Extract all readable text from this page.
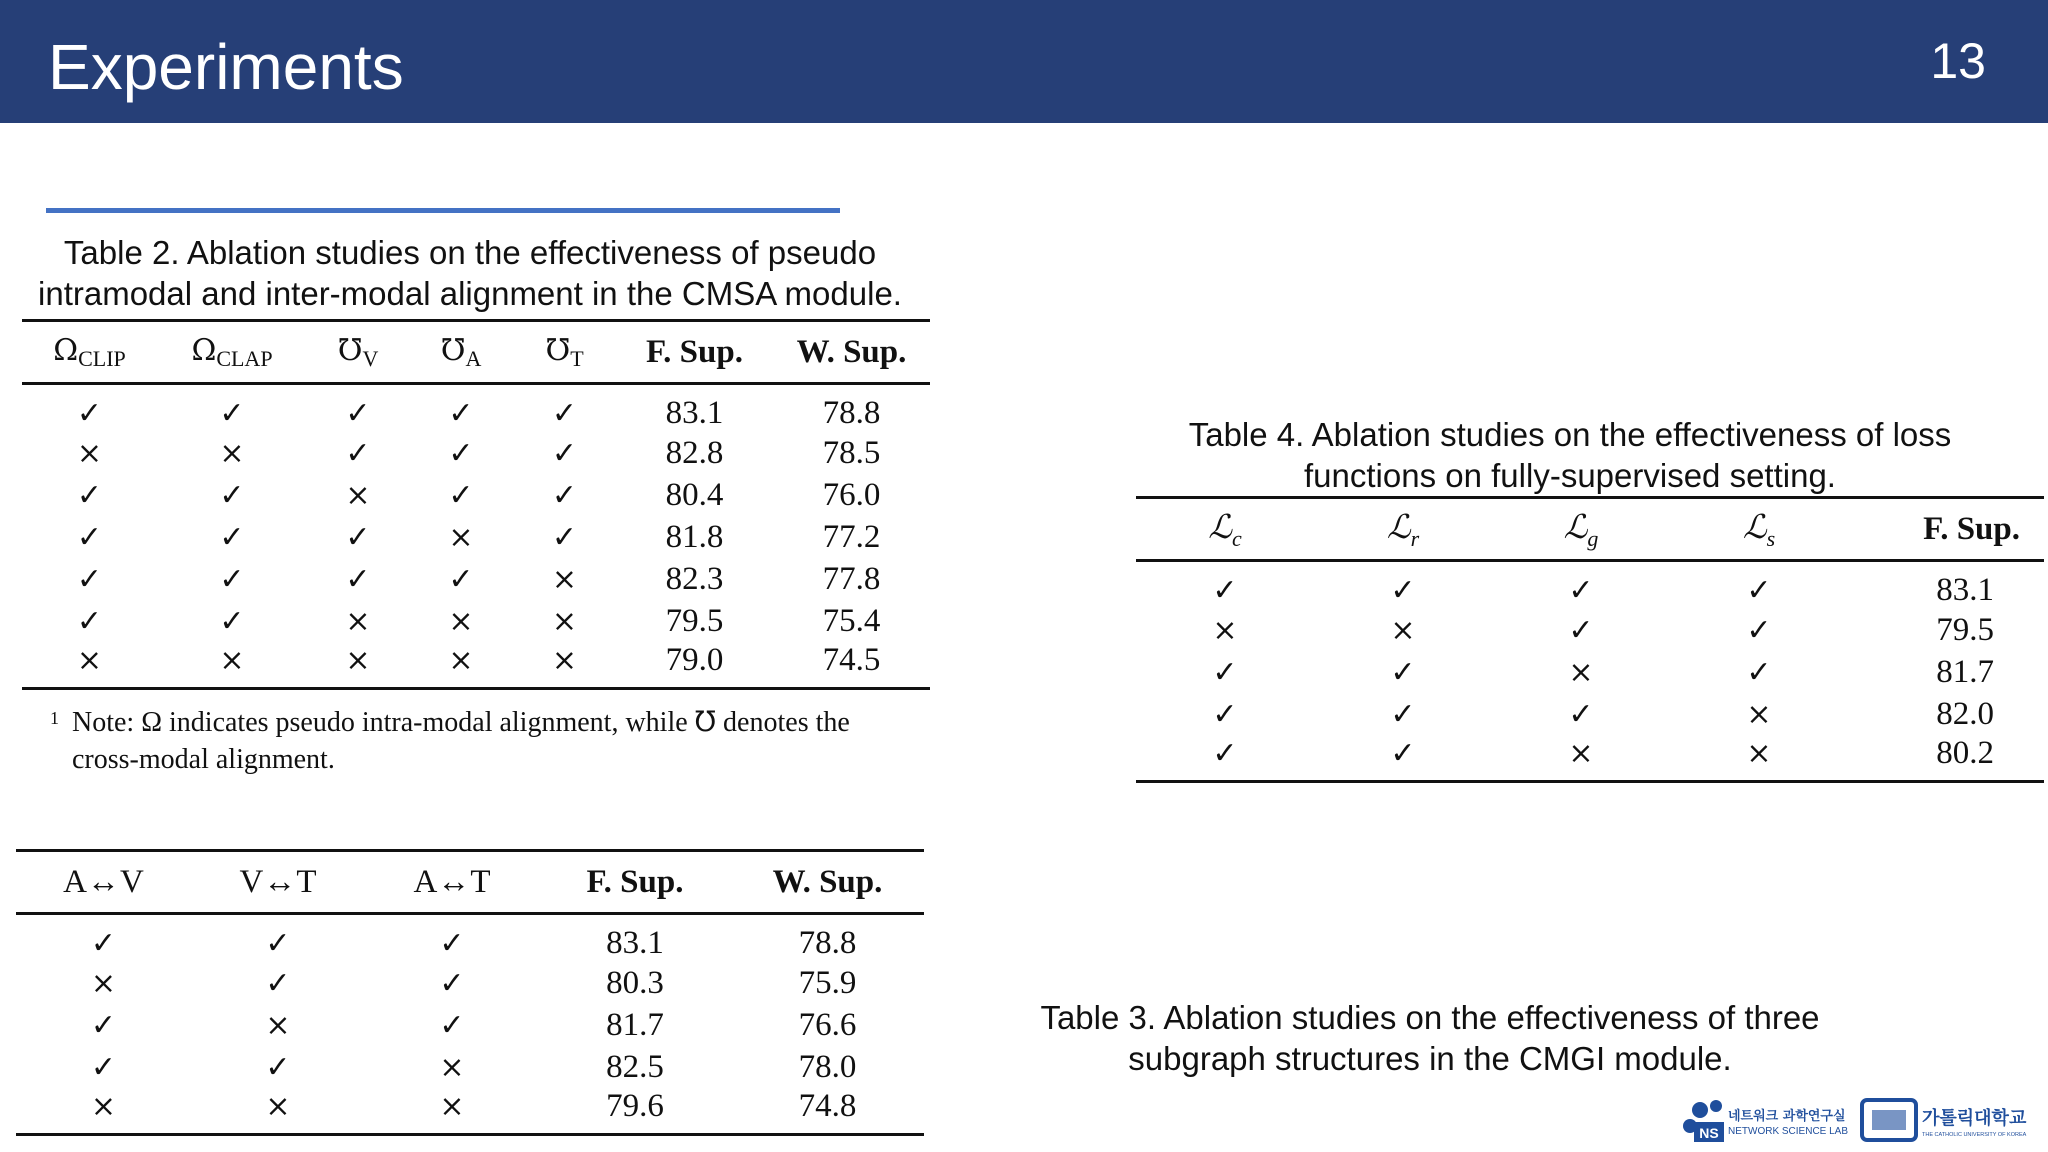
Experiments	13
Table 2. Ablation studies on the effectiveness of pseudo
intramodal and inter-modal alignment in the CMSA module.
$\Omega_{CLIP}$	$\Omega_{CLAP}$	$℧_V$	$℧_A$	$℧_T$	F. Sup.	W. Sup.
✓	✓	✓	✓	✓	83.1	78.8
×	×	✓	✓	✓	82.8	78.5
✓	✓	×	✓	✓	80.4	76.0
✓	✓	✓	×	✓	81.8	77.2
✓	✓	✓	✓	×	82.3	77.8
✓	✓	×	×	×	79.5	75.4
×	×	×	×	×	79.0	74.5
1 Note: Ω indicates pseudo intra-modal alignment, while ℧ denotes the
cross-modal alignment.
A↔V	V↔T	A↔T	F. Sup.	W. Sup.
✓	✓	✓	83.1	78.8
×	✓	✓	80.3	75.9
✓	×	✓	81.7	76.6
✓	✓	×	82.5	78.0
×	×	×	79.6	74.8
Table 4. Ablation studies on the effectiveness of loss
functions on fully-supervised setting.
ℒ$_c$	ℒ$_r$	ℒ$_g$	ℒ$_s$	F. Sup.
✓	✓	✓	✓	83.1
×	×	✓	✓	79.5
✓	✓	×	✓	81.7
✓	✓	✓	×	82.0
✓	✓	×	×	80.2
Table 3. Ablation studies on the effectiveness of three
subgraph structures in the CMGI module.
NS
네트워크 과학연구실
NETWORK SCIENCE LAB
가톨릭대학교
THE CATHOLIC UNIVERSITY OF KOREA
